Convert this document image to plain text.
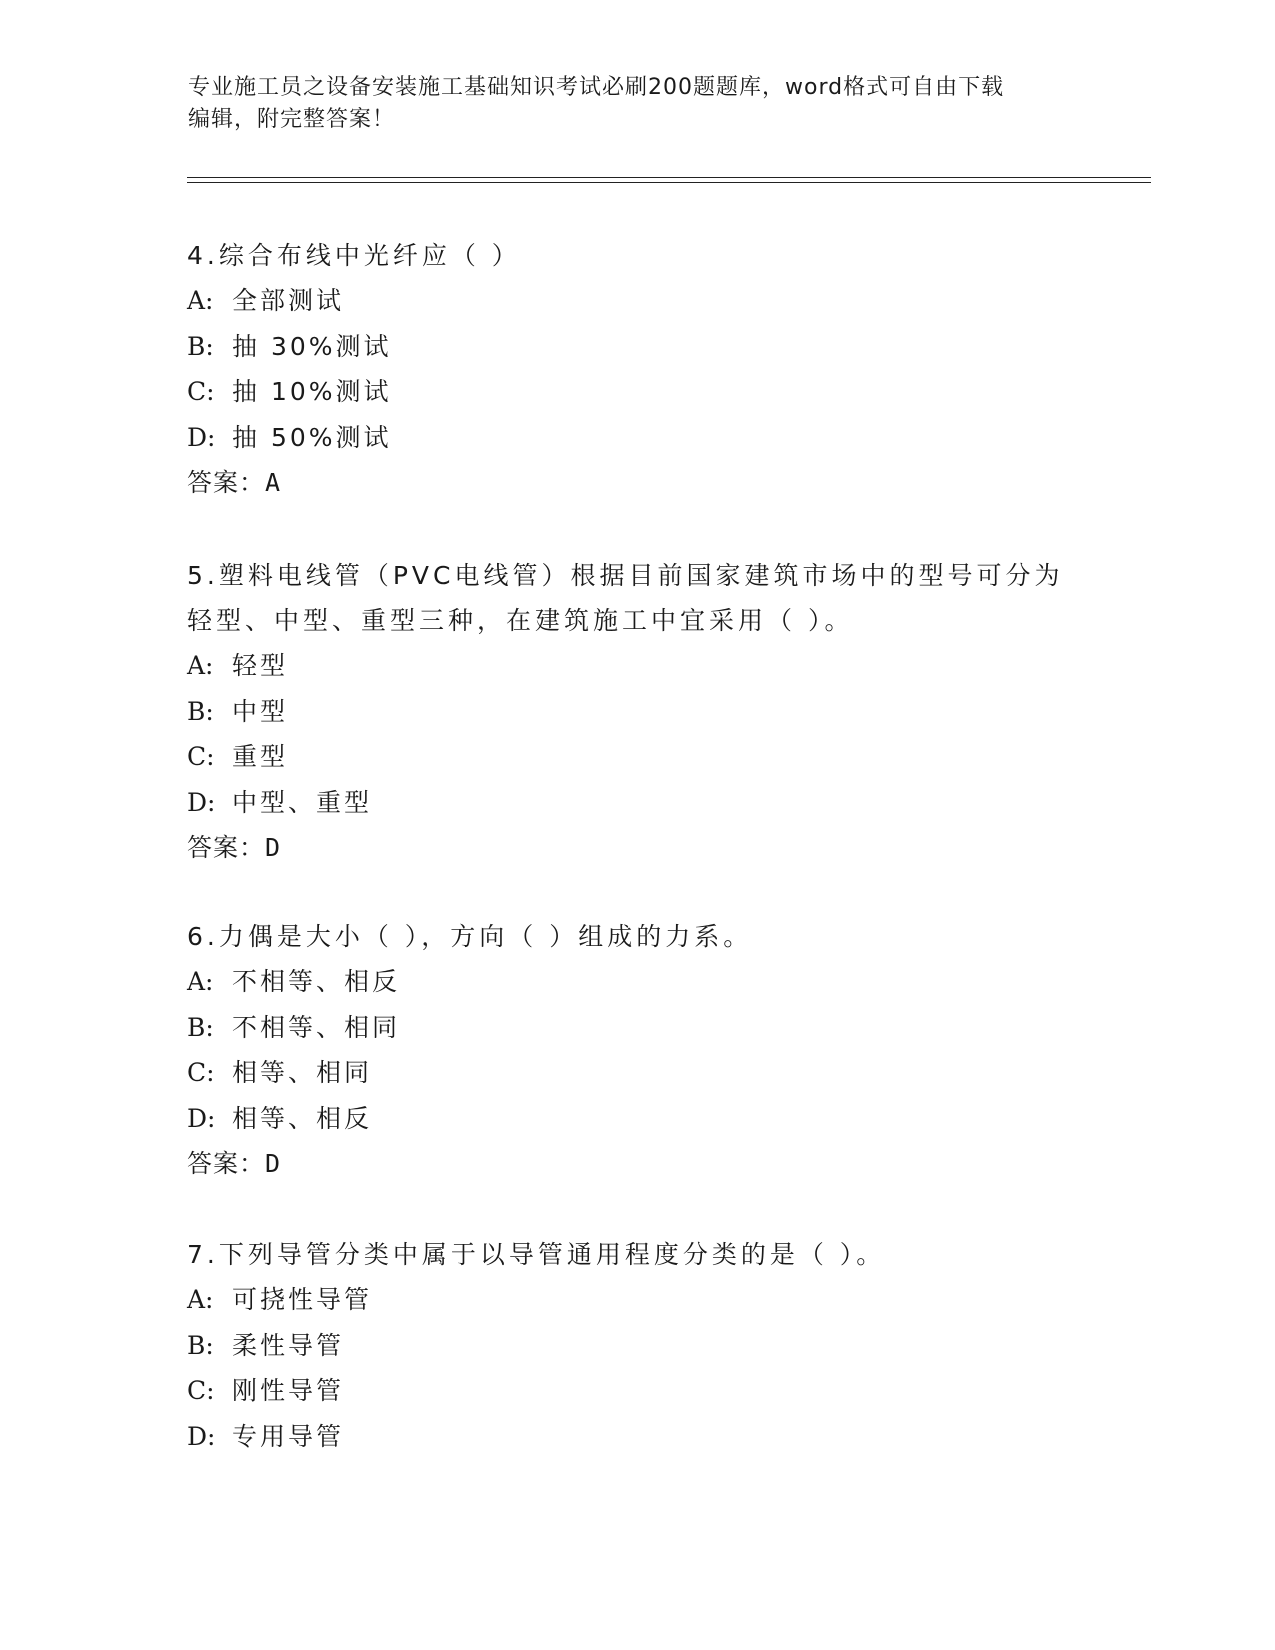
专业施工员之设备安装施工基础知识考试必刷200题题库，word格式可自由下载
编辑，附完整答案！

4.综合布线中光纤应（ ）

A: 全部测试

B: 抽 30%测试

C: 抽 10%测试

D: 抽 50%测试

答案：A

5.塑料电线管（PVC电线管）根据目前国家建筑市场中的型号可分为轻型、中型、重型三种，在建筑施工中宜采用（ ）。

A: 轻型

B: 中型

C: 重型

D: 中型、重型

答案：D

6.力偶是大小（ ），方向（ ）组成的力系。

A: 不相等、相反

B: 不相等、相同

C: 相等、相同

D: 相等、相反

答案：D

7.下列导管分类中属于以导管通用程度分类的是（ ）。

A: 可挠性导管

B: 柔性导管

C: 刚性导管

D: 专用导管
